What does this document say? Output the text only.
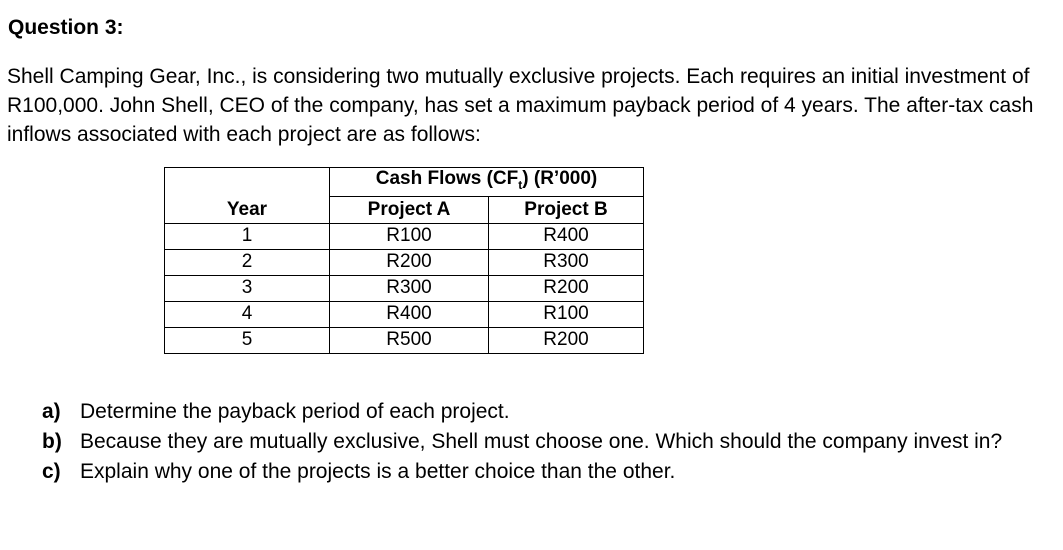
Question 3:
Shell Camping Gear, Inc., is considering two mutually exclusive projects. Each requires an initial investment of R100,000. John Shell, CEO of the company, has set a maximum payback period of 4 years. The after-tax cash inflows associated with each project are as follows:
	Cash Flows $(CF_t)$ (R’000)	
Year	Project A	Project B
1	R100	R400
2	R200	R300
3	R300	R200
4	R400	R100
5	R500	R200
a) Determine the payback period of each project.
b) Because they are mutually exclusive, Shell must choose one. Which should the company invest in?
c) Explain why one of the projects is a better choice than the other.
